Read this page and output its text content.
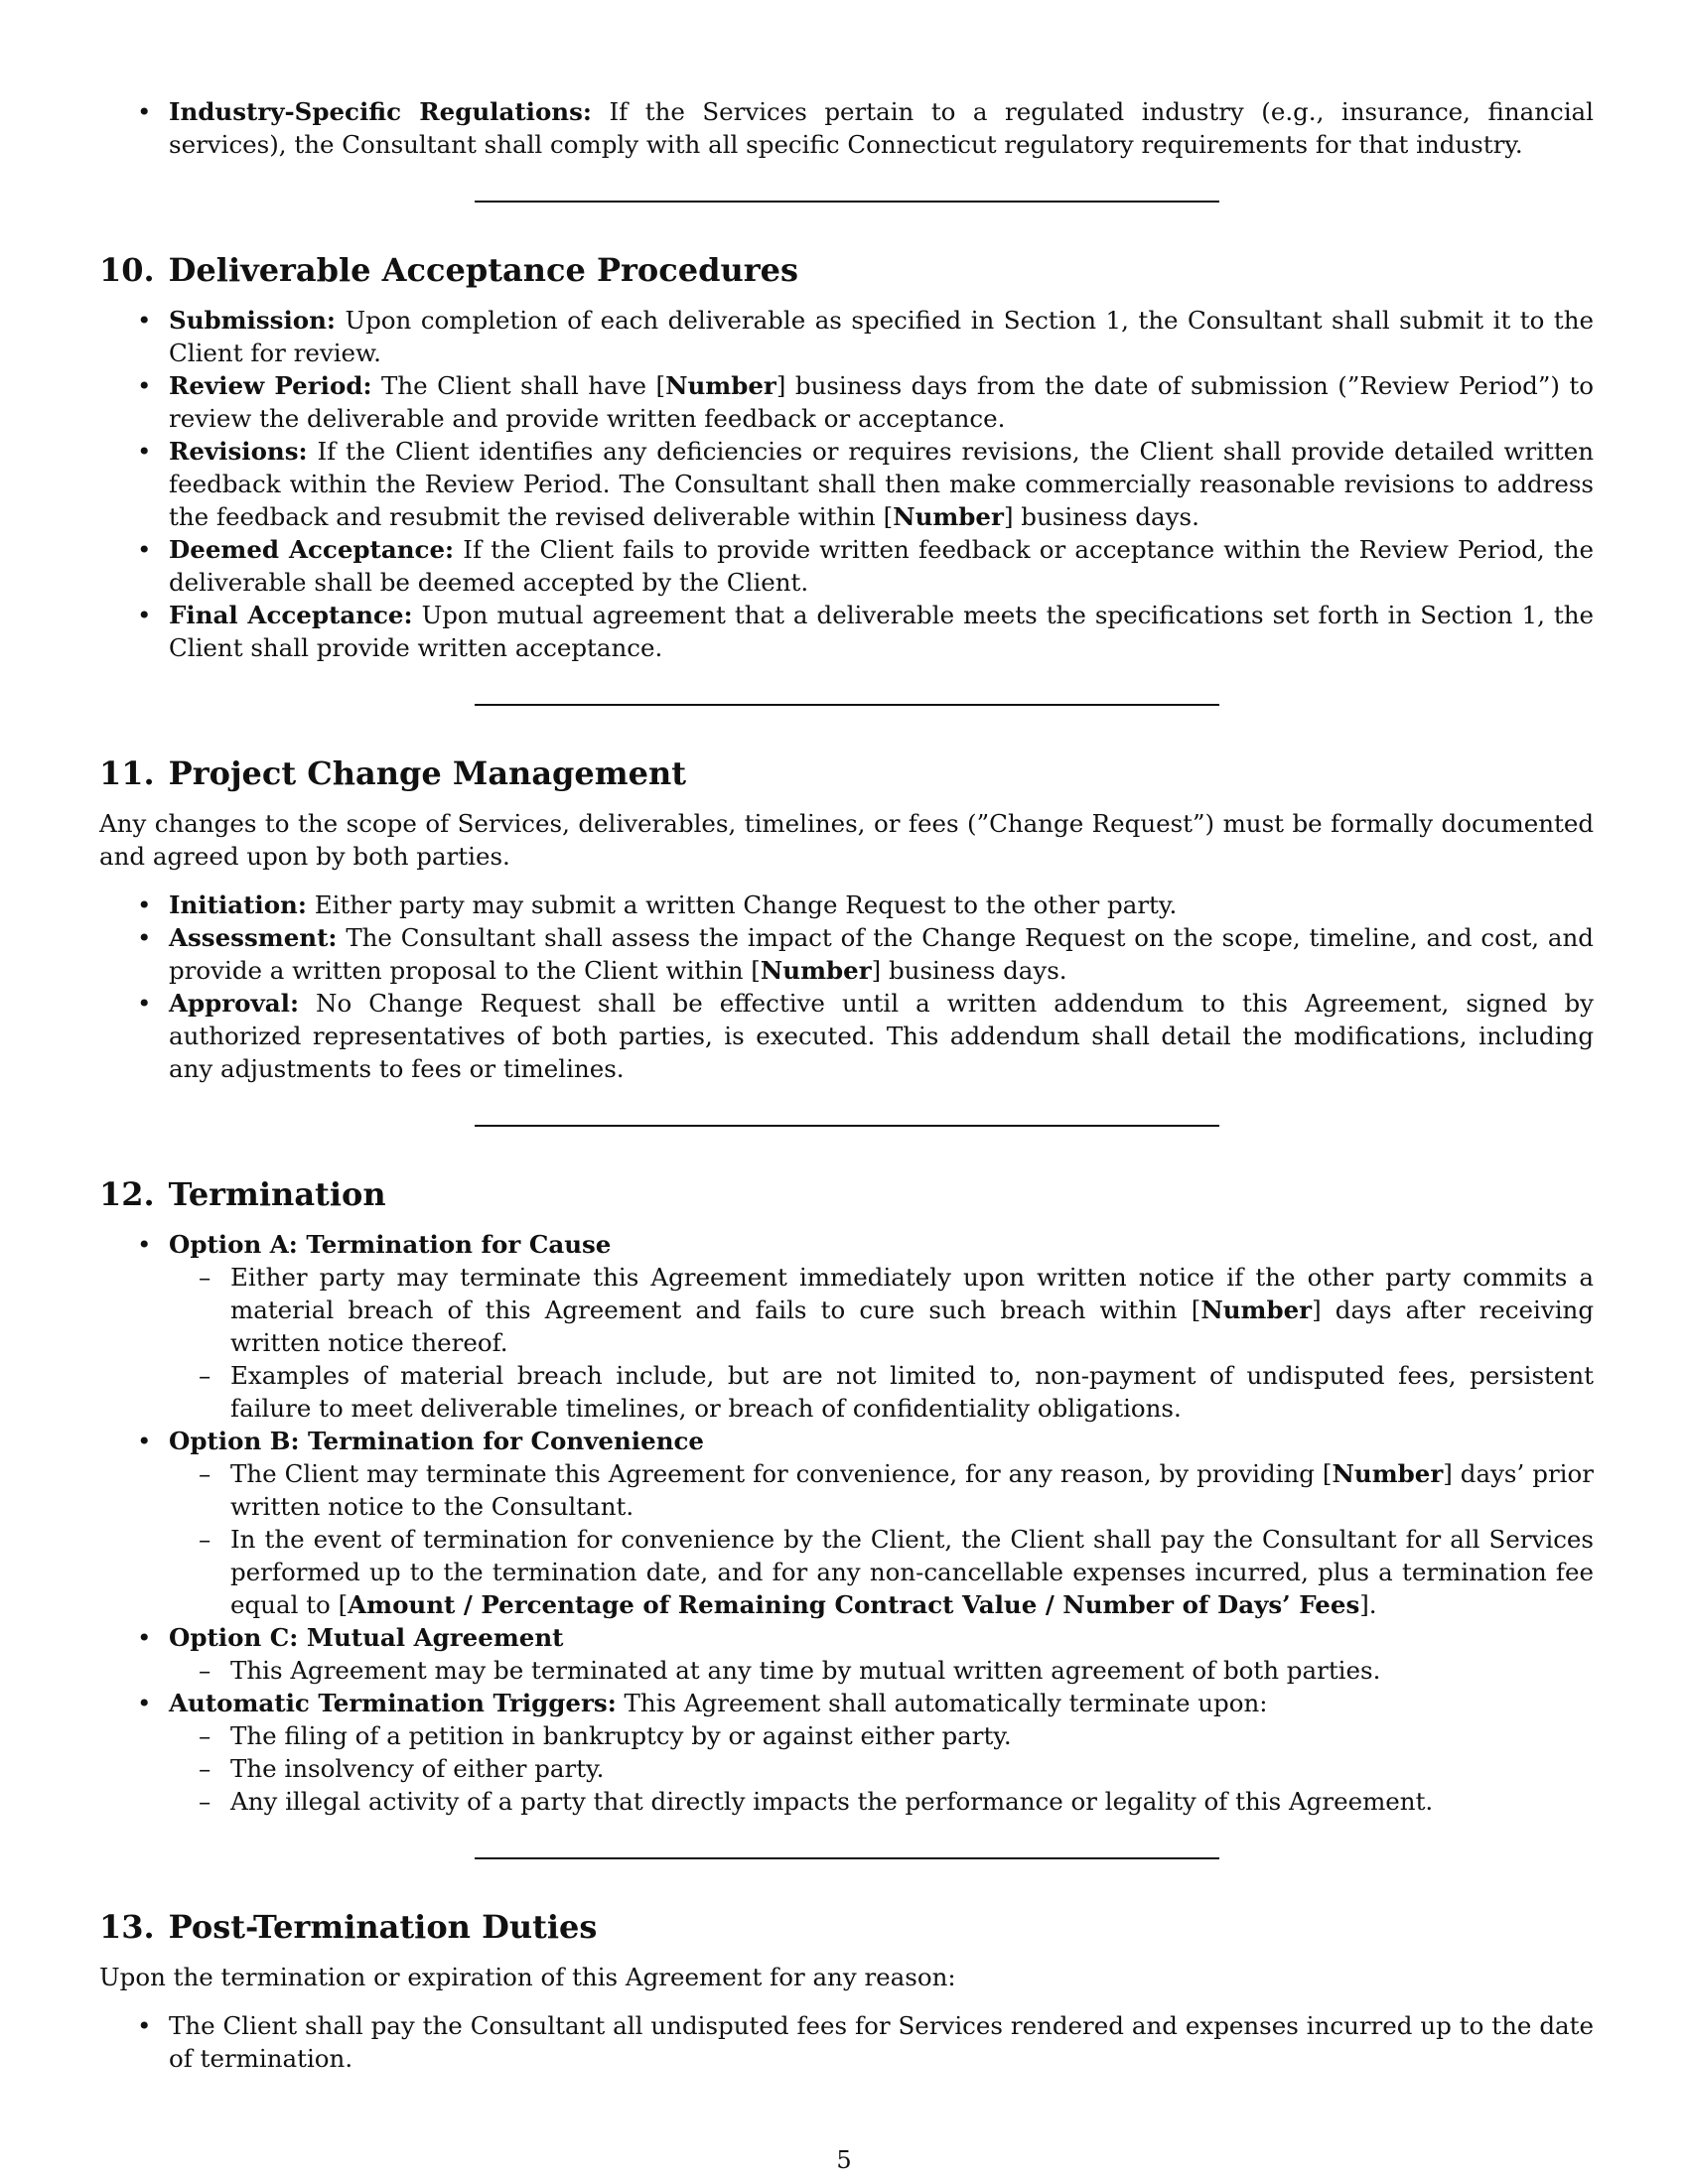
• Industry-Specific Regulations: If the Services pertain to a regulated industry (e.g., insurance, financial services), the Consultant shall comply with all specific Connecticut regulatory requirements for that industry.
10. Deliverable Acceptance Procedures
• Submission: Upon completion of each deliverable as specified in Section 1, the Consultant shall submit it to the Client for review.
• Review Period: The Client shall have [Number] business days from the date of submission (”Review Period”) to review the deliverable and provide written feedback or acceptance.
• Revisions: If the Client identifies any deficiencies or requires revisions, the Client shall provide detailed written feedback within the Review Period. The Consultant shall then make commercially reasonable revisions to address the feedback and resubmit the revised deliverable within [Number] business days.
• Deemed Acceptance: If the Client fails to provide written feedback or acceptance within the Review Period, the deliverable shall be deemed accepted by the Client.
• Final Acceptance: Upon mutual agreement that a deliverable meets the specifications set forth in Section 1, the Client shall provide written acceptance.
11. Project Change Management

Any changes to the scope of Services, deliverables, timelines, or fees (”Change Request”) must be formally documented and agreed upon by both parties.

• Initiation: Either party may submit a written Change Request to the other party.
• Assessment: The Consultant shall assess the impact of the Change Request on the scope, timeline, and cost, and provide a written proposal to the Client within [Number] business days.
• Approval: No Change Request shall be effective until a written addendum to this Agreement, signed by authorized representatives of both parties, is executed. This addendum shall detail the modifications, including any adjustments to fees or timelines.
12. Termination
• Option A: Termination for Cause
– Either party may terminate this Agreement immediately upon written notice if the other party commits a material breach of this Agreement and fails to cure such breach within [Number] days after receiving written notice thereof.
– Examples of material breach include, but are not limited to, non-payment of undisputed fees, persistent failure to meet deliverable timelines, or breach of confidentiality obligations.
• Option B: Termination for Convenience
– The Client may terminate this Agreement for convenience, for any reason, by providing [Number] days’ prior written notice to the Consultant.
– In the event of termination for convenience by the Client, the Client shall pay the Consultant for all Services performed up to the termination date, and for any non-cancellable expenses incurred, plus a termination fee equal to [Amount / Percentage of Remaining Contract Value / Number of Days’ Fees].
• Option C: Mutual Agreement
– This Agreement may be terminated at any time by mutual written agreement of both parties.
• Automatic Termination Triggers: This Agreement shall automatically terminate upon:
– The filing of a petition in bankruptcy by or against either party.
– The insolvency of either party.
– Any illegal activity of a party that directly impacts the performance or legality of this Agreement.
13. Post-Termination Duties

Upon the termination or expiration of this Agreement for any reason:

• The Client shall pay the Consultant all undisputed fees for Services rendered and expenses incurred up to the date of termination.
5
